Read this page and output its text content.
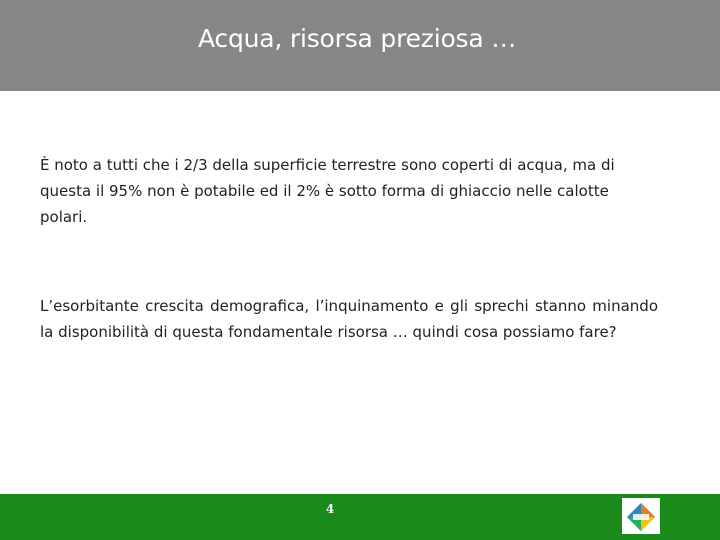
Acqua, risorsa preziosa …

È noto a tutti che i 2/3 della superficie terrestre sono coperti di acqua, ma di questa il 95% non è potabile ed il 2% è sotto forma di ghiaccio nelle calotte polari.

L’esorbitante crescita demografica, l’inquinamento e gli sprechi stanno minando la disponibilità di questa fondamentale risorsa … quindi cosa possiamo fare?

4
